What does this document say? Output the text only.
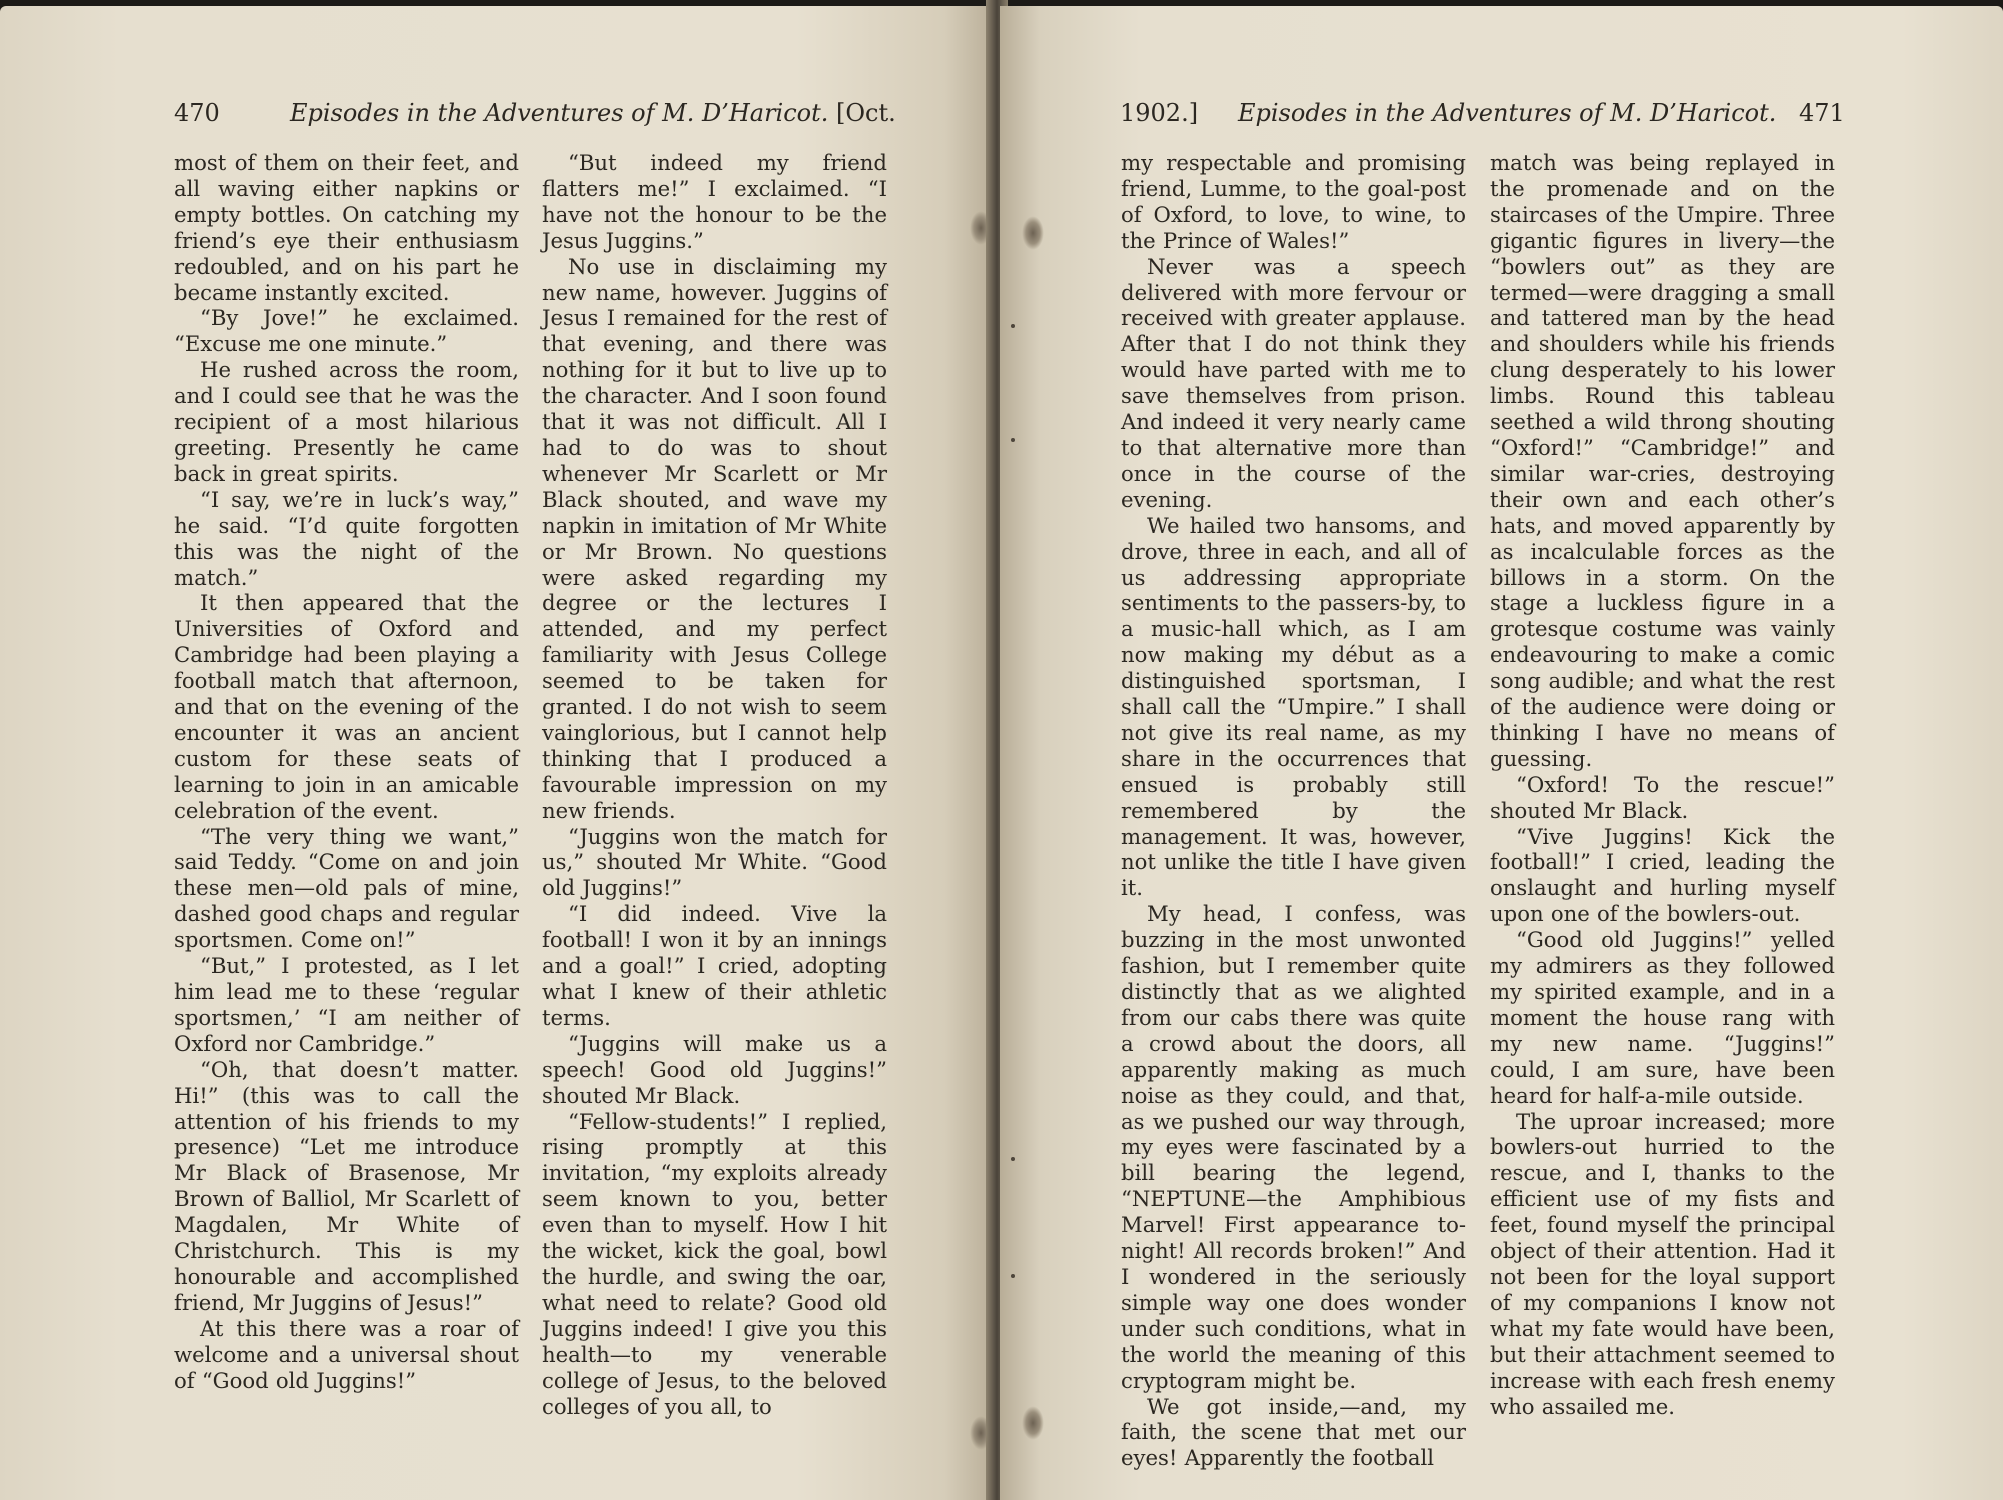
470	Episodes in the Adventures of M. D’Haricot. [Oct.

most of them on their feet, and all waving either napkins or empty bottles. On catching my friend’s eye their enthusiasm redoubled, and on his part he became instantly excited.

“By Jove!” he exclaimed. “Excuse me one minute.”

He rushed across the room, and I could see that he was the recipient of a most hilarious greeting. Presently he came back in great spirits.

“I say, we’re in luck’s way,” he said. “I’d quite forgotten this was the night of the match.”

It then appeared that the Universities of Oxford and Cambridge had been playing a football match that afternoon, and that on the evening of the encounter it was an ancient custom for these seats of learning to join in an amicable celebration of the event.

“The very thing we want,” said Teddy. “Come on and join these men—old pals of mine, dashed good chaps and regular sportsmen. Come on!”

“But,” I protested, as I let him lead me to these ‘regular sportsmen,’ “I am neither of Oxford nor Cambridge.”

“Oh, that doesn’t matter. Hi!” (this was to call the attention of his friends to my presence) “Let me introduce Mr Black of Brasenose, Mr Brown of Balliol, Mr Scarlett of Magdalen, Mr White of Christchurch. This is my honourable and accomplished friend, Mr Juggins of Jesus!”

At this there was a roar of welcome and a universal shout of “Good old Juggins!”

“But indeed my friend flatters me!” I exclaimed. “I have not the honour to be the Jesus Juggins.”

No use in disclaiming my new name, however. Juggins of Jesus I remained for the rest of that evening, and there was nothing for it but to live up to the character. And I soon found that it was not difficult. All I had to do was to shout whenever Mr Scarlett or Mr Black shouted, and wave my napkin in imitation of Mr White or Mr Brown. No questions were asked regarding my degree or the lectures I attended, and my perfect familiarity with Jesus College seemed to be taken for granted. I do not wish to seem vainglorious, but I cannot help thinking that I produced a favourable impression on my new friends.

“Juggins won the match for us,” shouted Mr White. “Good old Juggins!”

“I did indeed. Vive la football! I won it by an innings and a goal!” I cried, adopting what I knew of their athletic terms.

“Juggins will make us a speech! Good old Juggins!” shouted Mr Black.

“Fellow-students!” I replied, rising promptly at this invitation, “my exploits already seem known to you, better even than to myself. How I hit the wicket, kick the goal, bowl the hurdle, and swing the oar, what need to relate? Good old Juggins indeed! I give you this health—to my venerable college of Jesus, to the beloved colleges of you all, to

1902.] Episodes in the Adventures of M. D’Haricot. 471

my respectable and promising friend, Lumme, to the goal-post of Oxford, to love, to wine, to the Prince of Wales!”

Never was a speech delivered with more fervour or received with greater applause. After that I do not think they would have parted with me to save themselves from prison. And indeed it very nearly came to that alternative more than once in the course of the evening.

We hailed two hansoms, and drove, three in each, and all of us addressing appropriate sentiments to the passers-by, to a music-hall which, as I am now making my début as a distinguished sportsman, I shall call the “Umpire.” I shall not give its real name, as my share in the occurrences that ensued is probably still remembered by the management. It was, however, not unlike the title I have given it.

My head, I confess, was buzzing in the most unwonted fashion, but I remember quite distinctly that as we alighted from our cabs there was quite a crowd about the doors, all apparently making as much noise as they could, and that, as we pushed our way through, my eyes were fascinated by a bill bearing the legend, “NEPTUNE—the Amphibious Marvel! First appearance to-night! All records broken!” And I wondered in the seriously simple way one does wonder under such conditions, what in the world the meaning of this cryptogram might be.

We got inside,—and, my faith, the scene that met our eyes! Apparently the football

match was being replayed in the promenade and on the staircases of the Umpire. Three gigantic figures in livery—the “bowlers out” as they are termed—were dragging a small and tattered man by the head and shoulders while his friends clung desperately to his lower limbs. Round this tableau seethed a wild throng shouting “Oxford!” “Cambridge!” and similar war-cries, destroying their own and each other’s hats, and moved apparently by as incalculable forces as the billows in a storm. On the stage a luckless figure in a grotesque costume was vainly endeavouring to make a comic song audible; and what the rest of the audience were doing or thinking I have no means of guessing.

“Oxford! To the rescue!” shouted Mr Black.

“Vive Juggins! Kick the football!” I cried, leading the onslaught and hurling myself upon one of the bowlers-out.

“Good old Juggins!” yelled my admirers as they followed my spirited example, and in a moment the house rang with my new name. “Juggins!” could, I am sure, have been heard for half-a-mile outside.

The uproar increased; more bowlers-out hurried to the rescue, and I, thanks to the efficient use of my fists and feet, found myself the principal object of their attention. Had it not been for the loyal support of my companions I know not what my fate would have been, but their attachment seemed to increase with each fresh enemy who assailed me.
